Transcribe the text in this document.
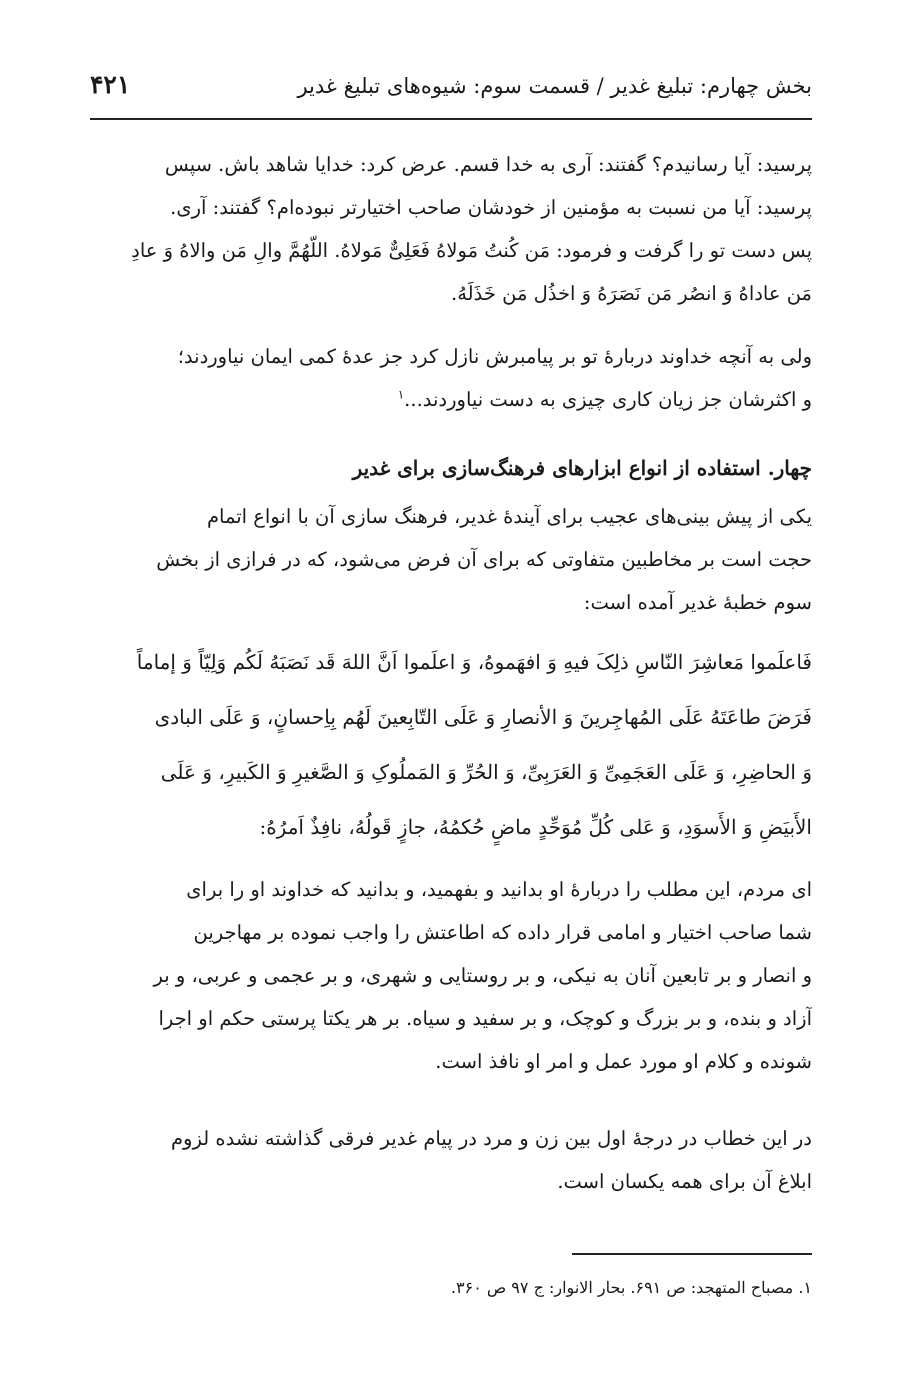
بخش چهارم: تبلیغ غدیر / قسمت سوم: شیوه‌های تبلیغ غدیر
۴۲۱
پرسید: آیا رسانیدم؟ گفتند: آری به خدا قسم. عرض کرد: خدایا شاهد باش. سپس
پرسید: آیا من نسبت به مؤمنین از خودشان صاحب اختیارتر نبوده‌ام؟ گفتند: آری.
پس دست تو را گرفت و فرمود: مَن کُنتُ مَولاهُ فَعَلِیٌّ مَولاهُ. اللّهُمَّ والِ مَن والاهُ وَ عادِ
مَن عاداهُ وَ انصُر مَن نَصَرَهُ وَ اخذُل مَن خَذَلَهُ.
ولی به آنچه خداوند دربارهٔ تو بر پیامبرش نازل کرد جز عدهٔ کمی ایمان نیاوردند؛
و اکثرشان جز زیان کاری چیزی به دست نیاوردند...$^۱$
چهار. استفاده از انواع ابزارهای فرهنگ‌سازی برای غدیر
یکی از پیش بینی‌های عجیب برای آیندهٔ غدیر، فرهنگ سازی آن با انواع اتمام
حجت است بر مخاطبین متفاوتی که برای آن فرض می‌شود، که در فرازی از بخش
سوم خطبهٔ غدیر آمده است:
فَاعلَموا مَعاشِرَ النّاسِ ذلِکَ فیهِ وَ افهَموهُ، وَ اعلَموا اَنَّ اللهَ قَد نَصَبَهُ لَکُم وَلِیّاً وَ إماماً
فَرَضَ طاعَتَهُ عَلَی المُهاجِرینَ وَ الأنصارِ وَ عَلَی التّابِعینَ لَهُم بِاِحسانٍ، وَ عَلَی البادی
وَ الحاضِرِ، وَ عَلَی العَجَمِیِّ وَ العَرَبِیِّ، وَ الحُرِّ وَ المَملُوکِ وَ الصَّغیرِ وَ الکَبیرِ، وَ عَلَی
الأَبیَضِ وَ الأَسوَدِ، وَ عَلی کُلِّ مُوَحِّدٍ ماضٍ حُکمُهُ، جازٍ قَولُهُ، نافِذٌ اَمرُهُ:
ای مردم، این مطلب را دربارهٔ او بدانید و بفهمید، و بدانید که خداوند او را برای
شما صاحب اختیار و امامی قرار داده که اطاعتش را واجب نموده بر مهاجرین
و انصار و بر تابعین آنان به نیکی، و بر روستایی و شهری، و بر عجمی و عربی، و بر
آزاد و بنده، و بر بزرگ و کوچک، و بر سفید و سیاه. بر هر یکتا پرستی حکم او اجرا
شونده و کلام او مورد عمل و امر او نافذ است.
در این خطاب در درجهٔ اول بین زن و مرد در پیام غدیر فرقی گذاشته نشده لزوم
ابلاغ آن برای همه یکسان است.
۱. مصباح المتهجد: ص ۶۹۱. بحار الانوار: ج ۹۷ ص ۳۶۰.
